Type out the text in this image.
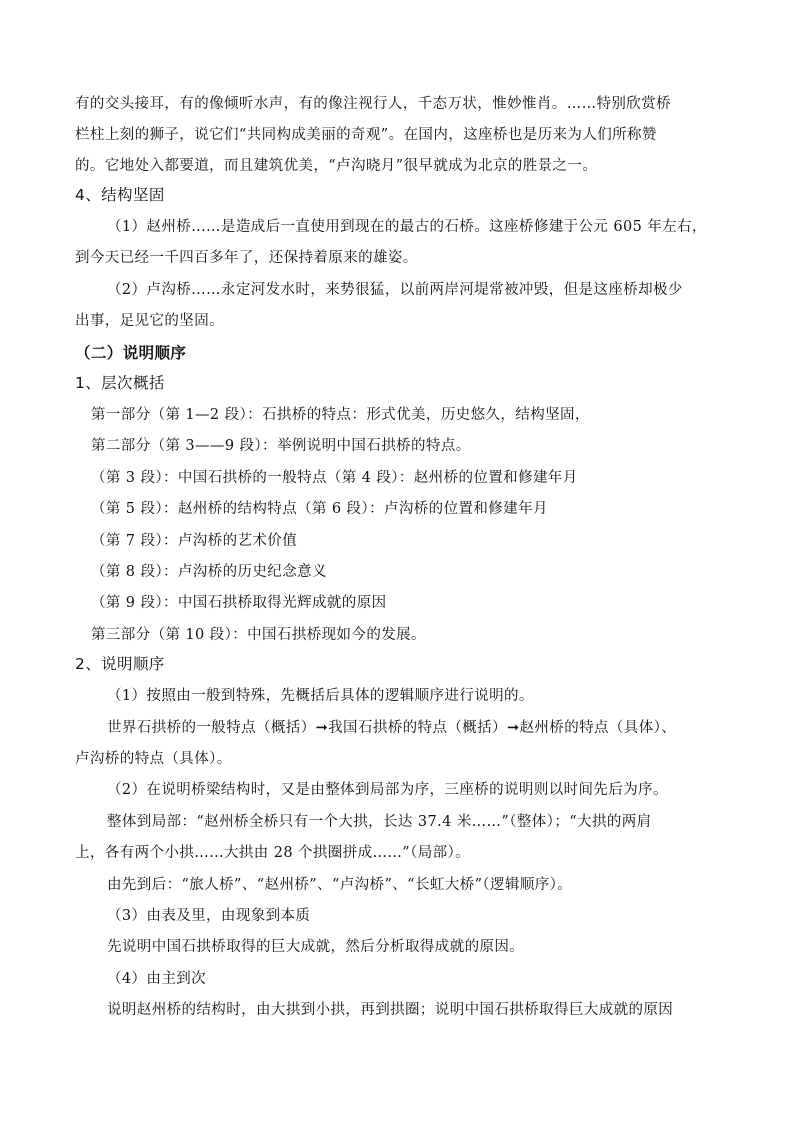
有的交头接耳，有的像倾听水声，有的像注视行人，千态万状，惟妙惟肖。……特别欣赏桥
栏柱上刻的狮子，说它们“共同构成美丽的奇观”。在国内，这座桥也是历来为人们所称赞
的。它地处入都要道，而且建筑优美，“卢沟晓月”很早就成为北京的胜景之一。
4、结构坚固
（1）赵州桥……是造成后一直使用到现在的最古的石桥。这座桥修建于公元 605 年左右，
到今天已经一千四百多年了，还保持着原来的雄姿。
（2）卢沟桥……永定河发水时，来势很猛，以前两岸河堤常被冲毁，但是这座桥却极少
出事，足见它的坚固。
（二）说明顺序
1、层次概括
第一部分（第 1—2 段）：石拱桥的特点：形式优美，历史悠久，结构坚固，
第二部分（第 3——9 段）：举例说明中国石拱桥的特点。
（第 3 段）：中国石拱桥的一般特点（第 4 段）：赵州桥的位置和修建年月
（第 5 段）：赵州桥的结构特点（第 6 段）：卢沟桥的位置和修建年月
（第 7 段）：卢沟桥的艺术价值
（第 8 段）：卢沟桥的历史纪念意义
（第 9 段）：中国石拱桥取得光辉成就的原因
第三部分（第 10 段）：中国石拱桥现如今的发展。
2、说明顺序
（1）按照由一般到特殊，先概括后具体的逻辑顺序进行说明的。
世界石拱桥的一般特点（概括）➞我国石拱桥的特点（概括）➞赵州桥的特点（具体）、
卢沟桥的特点（具体）。
（2）在说明桥梁结构时，又是由整体到局部为序，三座桥的说明则以时间先后为序。
整体到局部：“赵州桥全桥只有一个大拱，长达 37.4 米……”（整体）；“大拱的两肩
上，各有两个小拱……大拱由 28 个拱圈拼成……”（局部）。
由先到后：“旅人桥”、“赵州桥”、“卢沟桥”、“长虹大桥”（逻辑顺序）。
（3）由表及里，由现象到本质
先说明中国石拱桥取得的巨大成就，然后分析取得成就的原因。
（4）由主到次
说明赵州桥的结构时，由大拱到小拱，再到拱圈；说明中国石拱桥取得巨大成就的原因
